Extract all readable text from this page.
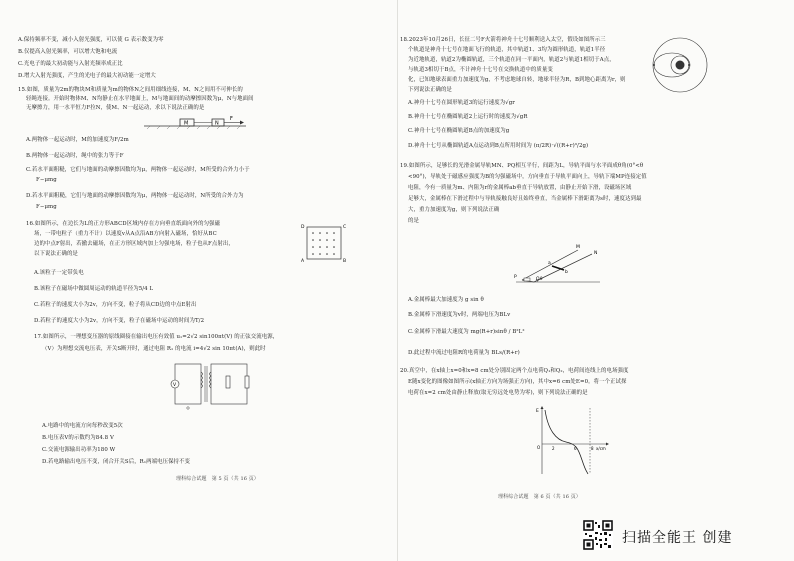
A.保持频率不变，减小入射光强度，可以使 G 表示数变为零
B.仅提高入射光频率，可以增大饱和电流
C.光电子的最大初动能与入射光频率成正比
D.增大入射光强度，产生的光电子的最大初动能一定增大
15.如图，质量为2m的物块M和质量为m的物体N之间用细线连接，M、N之间用不可伸长的
轻绳连接。开始时物体M、N均静止在水平地面上，M与地面间的动摩擦因数为μ，N与地面间
无摩擦力，用一水平恒力F拉N，使M、N一起运动，求以下说法正确的是
M	N
F
A.两物体一起运动时，M的加速度为F/2m
B.两物体一起运动时，绳中的张力等于F
C.若水平面粗糙，它们与地面的动摩擦因数均为μ，两物体一起运动时，M所受的合外力小于
F−μmg
D.若水平面粗糙，它们与地面的动摩擦因数均为μ，两物体一起运动时，N所受的合外力为
F−μmg
16.如图所示，在边长为L的正方形ABCD区域内存在方向垂直纸面向外的匀强磁
场，一带电粒子（重力不计）以速度v从A点沿AB方向射入磁场，恰好从BC
边的中点F射出，若撤去磁场，在正方形区域内加上匀强电场，粒子也从F点射出，
以下说法正确的是
A	B
C
D
A.该粒子一定带负电
B.该粒子在磁场中做圆周运动的轨道半径为5/4 L
C.若粒子的速度大小为2v，方向不变，粒子将从CD边的中点E射出
D.若粒子的速度大小为2v，方向不变，粒子在磁场中运动的时间为T/2
17.如图所示，一理想变压器的原线圈接在输出电压有效值 u₁=2√2 sin100πt(V) 的正弦交流电源，
（V）为理想交流电压表，开关S断开时，通过电阻 R₁ 的电流 i=4√2 sin 10πt(A)，则此时
V
A.电路中的电流方向每秒改变5次
B.电压表V的示数约为84.8 V
C.交流电源输出功率为180 W
D.若电路输出电压不变，闭合开关S后，R₁两端电压保持不变
理科综合试题　第 5 页（共 16 页）
18.2023年10月26日，长征二号F火箭将神舟十七号顺利送入太空，假设如图所示三
个轨道是神舟十七号在地面飞行的轨道，其中轨道1、3均为圆形轨道，轨道1半径
为近地轨道，轨道2为椭圆轨道，三个轨道在同一平面内，轨道2与轨道1相切于A点，
与轨道3相切于B点，不计神舟十七号在交换轨道中的质量变
化，已知地球表面重力加速度为g，不考虑地球自转，地球半径为R，B到地心距离为r，则
下列说法正确的是
A.神舟十七号在圆形轨道3的运行速度为√gr
B.神舟十七号在椭圆轨道2上运行时的速度为√gR
C.神舟十七号在椭圆轨道B点的加速度为g
D.神舟十七号从椭圆轨道A点运动到B点所用时间为 (π/2R)·√((R+r)³/2g)
19.如图所示，足够长的光滑金属导轨MN、PQ相互平行，间距为L，导轨平面与水平面成θ角(0°<θ
<90°)，导轨处于磁感应强度为B的匀强磁场中，方向垂直于导轨平面向上，导轨下端MP连接定值
电阻，今有一质量为m、内阻为r的金属棒ab垂直于导轨放置，由静止开始下滑，设磁场区域
足够大，金属棒在下滑过程中与导轨接触良好且始终垂直，当金属棒下滑距离为s时，速度达到最
大，重力加速度为g，则下列说法正确
的是
M
N
P	Q
a
b
θ
A.金属棒最大加速度为 g sin θ
B.金属棒下滑速度为v时，两端电压为BLv
C.金属棒下滑最大速度为 mg(R+r)sinθ / B²L²
D.此过程中流过电阻R的电荷量为 BLs/(R+r)
20.真空中，在x轴上x=0和x=8 cm处分别固定两个点电荷Q₁和Q₂，电荷间连线上的电场强度
E随x变化的图像如图所示(x轴正方向为场强正方向)，其中x=6 cm处E=0。将一个正试探
电荷在x=2 cm处由静止释放(取无穷远处电势为零)，则下列说法正确的是
E
x/cm
O	2	6	8
理科综合试题　第 6 页（共 16 页）
扫描全能王 创建
